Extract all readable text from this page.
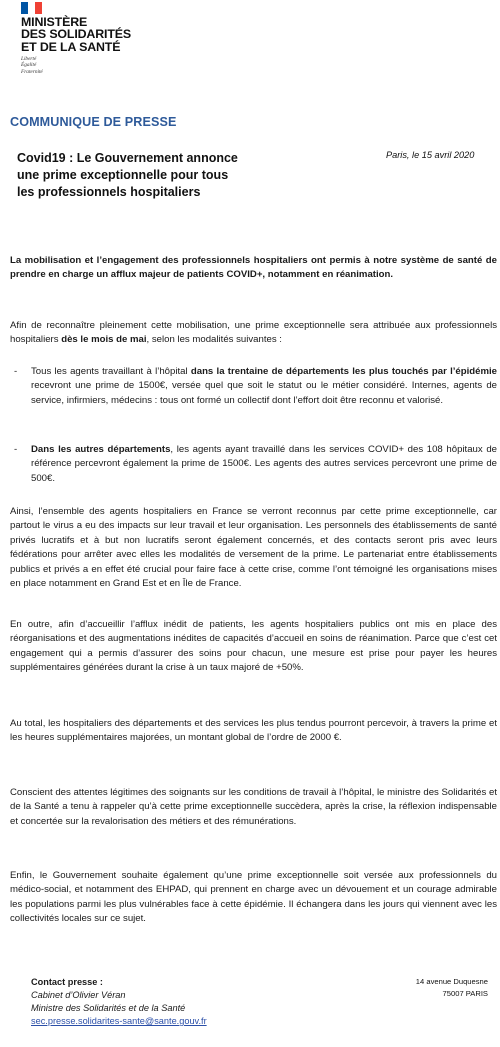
MINISTÈRE
DES SOLIDARITÉS
ET DE LA SANTÉ
Liberté
Égalité
Fraternité
COMMUNIQUE DE PRESSE
Covid19 : Le Gouvernement annonce
une prime exceptionnelle pour tous
les professionnels hospitaliers
Paris, le 15 avril 2020

La mobilisation et l’engagement des professionnels hospitaliers ont permis à notre système de santé de prendre en charge un afflux majeur de patients COVID+, notamment en réanimation.

Afin de reconnaître pleinement cette mobilisation, une prime exceptionnelle sera attribuée aux professionnels hospitaliers dès le mois de mai, selon les modalités suivantes :

- Tous les agents travaillant à l’hôpital dans la trentaine de départements les plus touchés par l’épidémie recevront une prime de 1500€, versée quel que soit le statut ou le métier considéré. Internes, agents de service, infirmiers, médecins : tous ont formé un collectif dont l’effort doit être reconnu et valorisé.
- Dans les autres départements, les agents ayant travaillé dans les services COVID+ des 108 hôpitaux de référence percevront également la prime de 1500€. Les agents des autres services percevront une prime de 500€.

Ainsi, l’ensemble des agents hospitaliers en France se verront reconnus par cette prime exceptionnelle, car partout le virus a eu des impacts sur leur travail et leur organisation. Les personnels des établissements de santé privés lucratifs et à but non lucratifs seront également concernés, et des contacts seront pris avec leurs fédérations pour arrêter avec elles les modalités de versement de la prime. Le partenariat entre établissements publics et privés a en effet été crucial pour faire face à cette crise, comme l’ont témoigné les organisations mises en place notamment en Grand Est et en Île de France.

En outre, afin d’accueillir l’afflux inédit de patients, les agents hospitaliers publics ont mis en place des réorganisations et des augmentations inédites de capacités d’accueil en soins de réanimation. Parce que c’est cet engagement qui a permis d’assurer des soins pour chacun, une mesure est prise pour payer les heures supplémentaires générées durant la crise à un taux majoré de +50%.

Au total, les hospitaliers des départements et des services les plus tendus pourront percevoir, à travers la prime et les heures supplémentaires majorées, un montant global de l’ordre de 2000 €.

Conscient des attentes légitimes des soignants sur les conditions de travail à l’hôpital, le ministre des Solidarités et de la Santé a tenu à rappeler qu’à cette prime exceptionnelle succèdera, après la crise, la réflexion indispensable et concertée sur la revalorisation des métiers et des rémunérations.

Enfin, le Gouvernement souhaite également qu’une prime exceptionnelle soit versée aux professionnels du médico-social, et notamment des EHPAD, qui prennent en charge avec un dévouement et un courage admirable les populations parmi les plus vulnérables face à cette épidémie. Il échangera dans les jours qui viennent avec les collectivités locales sur ce sujet.

Contact presse :
Cabinet d’Olivier Véran
Ministre des Solidarités et de la Santé
sec.presse.solidarites-sante@sante.gouv.fr
14 avenue Duquesne
75007 PARIS
